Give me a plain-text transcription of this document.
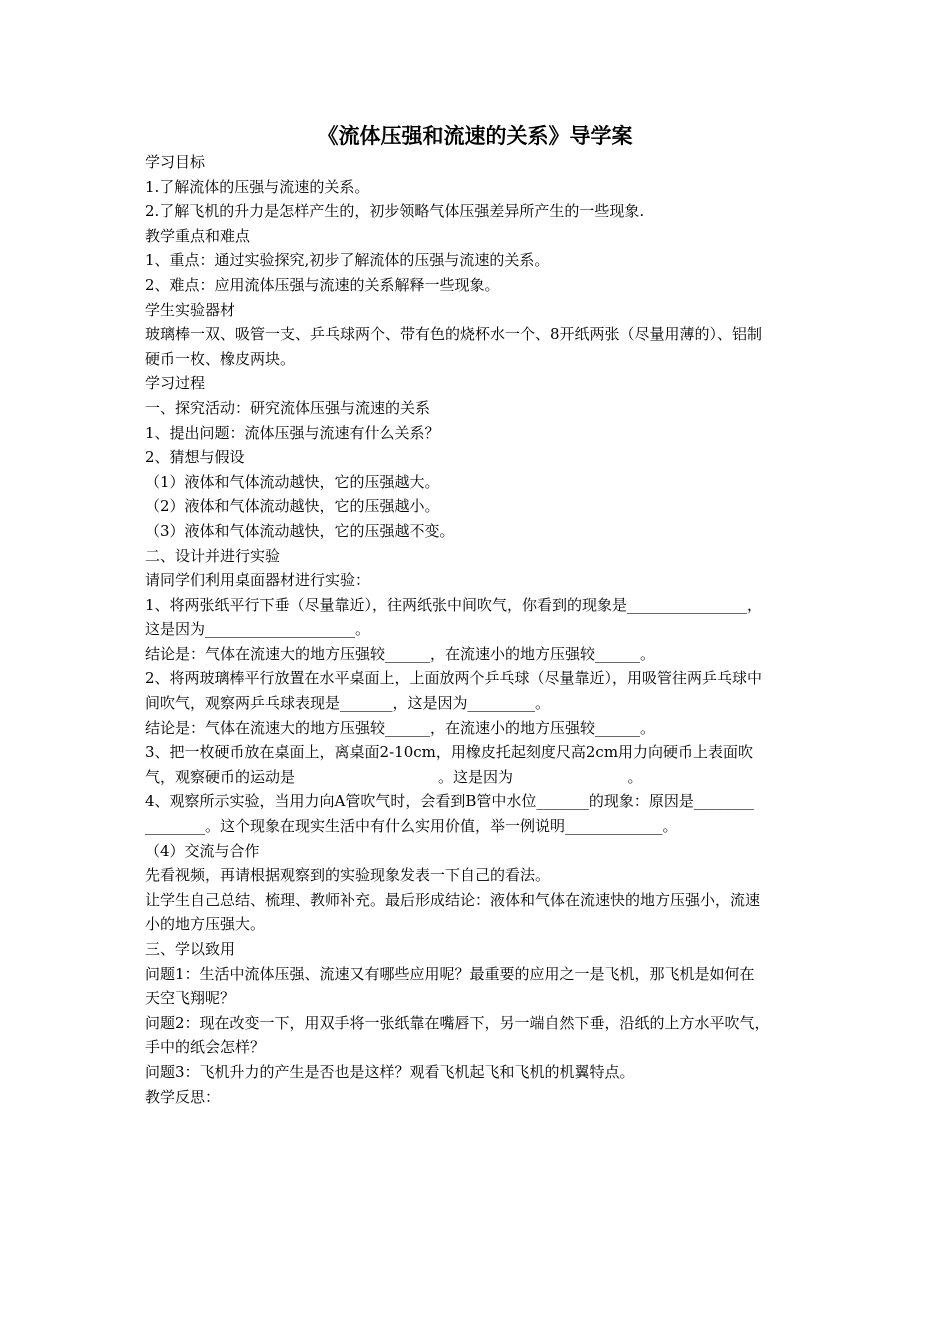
《流体压强和流速的关系》导学案
学习目标
1.了解流体的压强与流速的关系。
2.了解飞机的升力是怎样产生的，初步领略气体压强差异所产生的一些现象.
教学重点和难点
1、重点：通过实验探究,初步了解流体的压强与流速的关系。
2、难点：应用流体压强与流速的关系解释一些现象。
学生实验器材
玻璃棒一双、吸管一支、乒乓球两个、带有色的烧杯水一个、8开纸两张（尽量用薄的）、铝制
硬币一枚、橡皮两块。
学习过程
一、探究活动：研究流体压强与流速的关系
1、提出问题：流体压强与流速有什么关系？
2、猜想与假设
（1）液体和气体流动越快，它的压强越大。
（2）液体和气体流动越快，它的压强越小。
（3）液体和气体流动越快，它的压强越不变。
二、设计并进行实验
请同学们利用桌面器材进行实验：
1、将两张纸平行下垂（尽量靠近），往两纸张中间吹气，你看到的现象是________________，
这是因为____________________。
结论是：气体在流速大的地方压强较______，在流速小的地方压强较______。
2、将两玻璃棒平行放置在水平桌面上，上面放两个乒乓球（尽量靠近），用吸管往两乒乓球中
间吹气，观察两乒乓球表现是_______，这是因为_________。
结论是：气体在流速大的地方压强较______，在流速小的地方压强较______。
3、把一枚硬币放在桌面上，离桌面2-10cm，用橡皮托起刻度尺高2cm用力向硬币上表面吹
气，观察硬币的运动是                              。这是因为                        。
4、观察所示实验，当用力向A管吹气时，会看到B管中水位_______的现象：原因是________
________。这个现象在现实生活中有什么实用价值，举一例说明_____________。
（4）交流与合作
先看视频，再请根据观察到的实验现象发表一下自己的看法。
让学生自己总结、梳理、教师补充。最后形成结论：液体和气体在流速快的地方压强小，流速
小的地方压强大。
三、学以致用
问题1：生活中流体压强、流速又有哪些应用呢？最重要的应用之一是飞机，那飞机是如何在
天空飞翔呢？
问题2：现在改变一下，用双手将一张纸靠在嘴唇下，另一端自然下垂，沿纸的上方水平吹气，
手中的纸会怎样？
问题3：飞机升力的产生是否也是这样？观看飞机起飞和飞机的机翼特点。
教学反思：
